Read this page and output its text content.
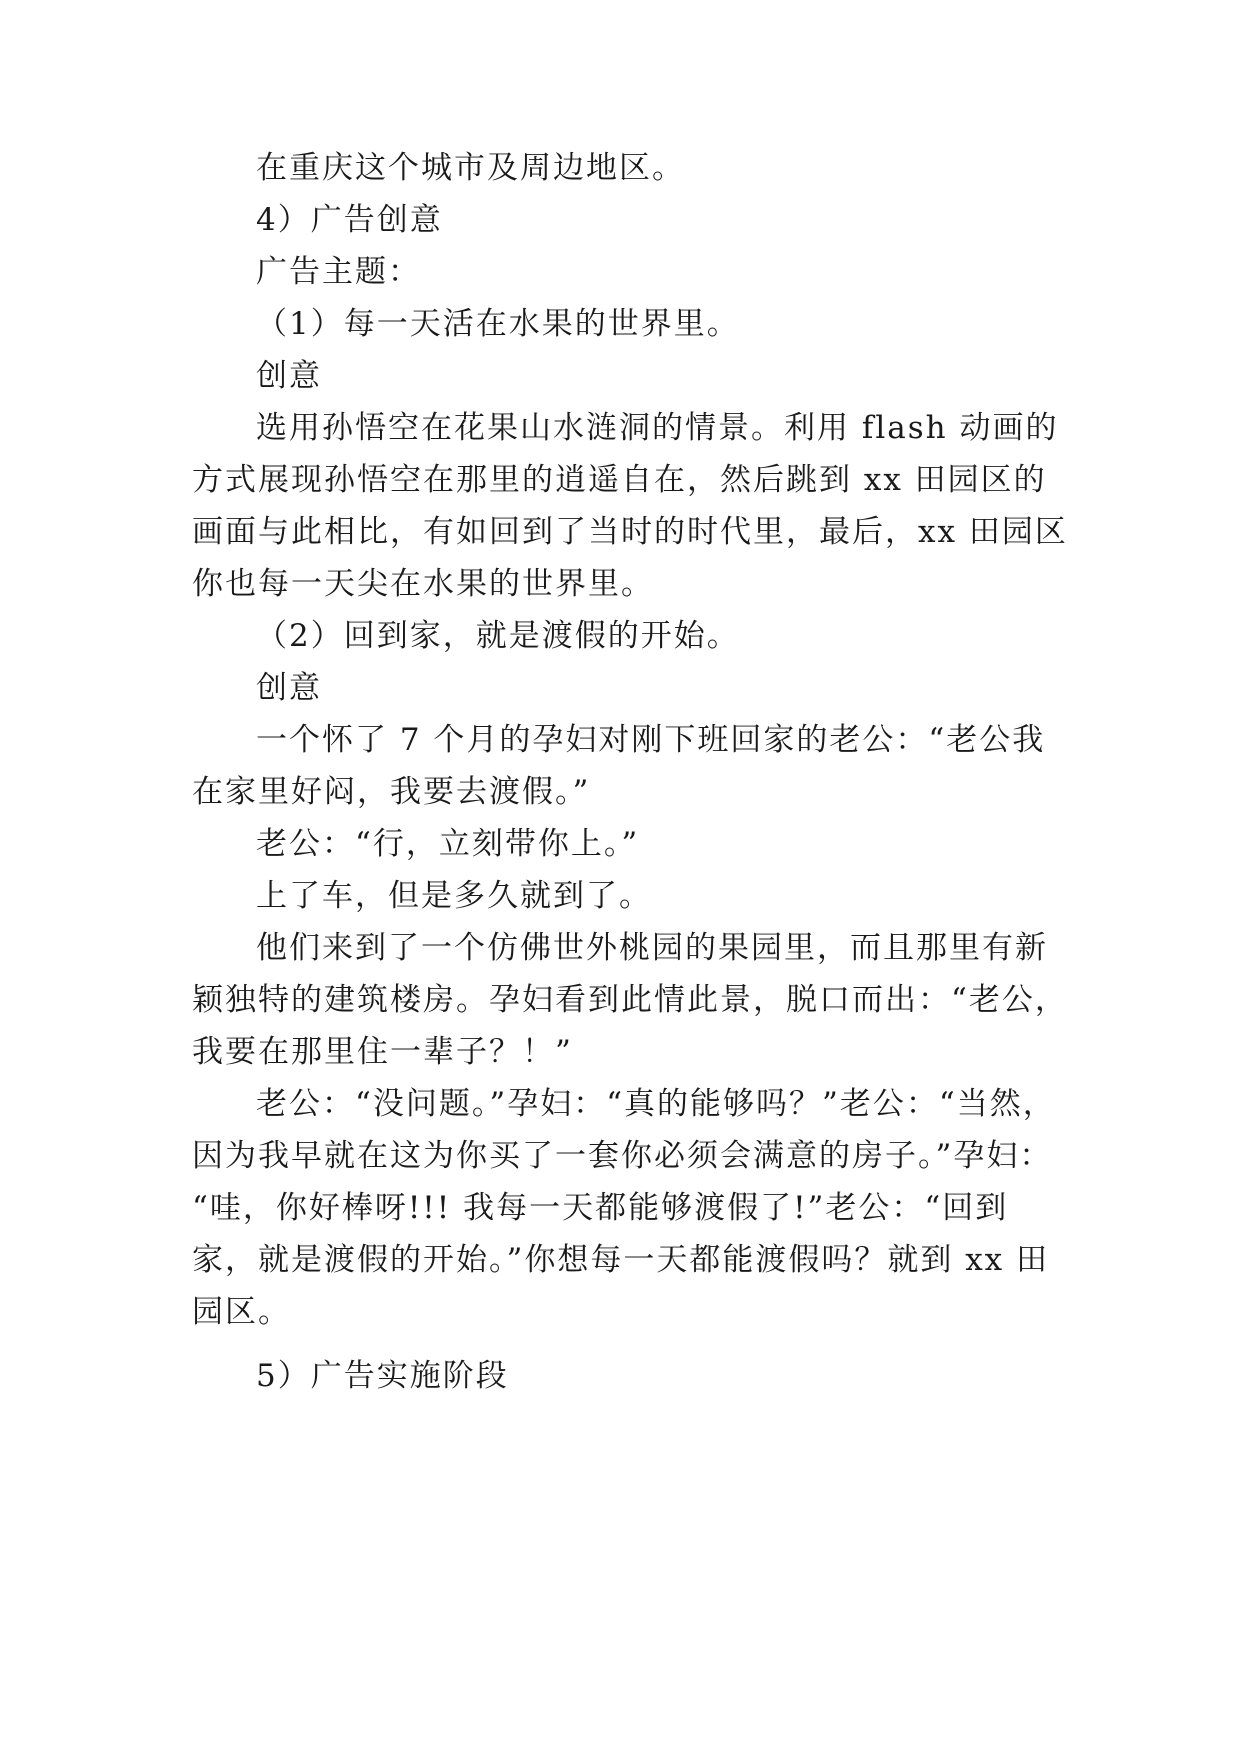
在重庆这个城市及周边地区。

4）广告创意

广告主题：

（1）每一天活在水果的世界里。

创意

选用孙悟空在花果山水涟洞的情景。利用 flash 动画的

方式展现孙悟空在那里的逍遥自在，然后跳到 xx 田园区的

画面与此相比，有如回到了当时的时代里，最后，xx 田园区

你也每一天尖在水果的世界里。

（2）回到家，就是渡假的开始。

创意

一个怀了 7 个月的孕妇对刚下班回家的老公：“老公我

在家里好闷，我要去渡假。”

老公：“行，立刻带你上。”

上了车，但是多久就到了。

他们来到了一个仿佛世外桃园的果园里，而且那里有新

颖独特的建筑楼房。孕妇看到此情此景，脱口而出：“老公，

我要在那里住一辈子？！”

老公：“没问题。”孕妇：“真的能够吗？”老公：“当然，

因为我早就在这为你买了一套你必须会满意的房子。”孕妇：

“哇，你好棒呀!!! 我每一天都能够渡假了!”老公：“回到

家，就是渡假的开始。”你想每一天都能渡假吗？就到 xx 田

园区。

5）广告实施阶段
